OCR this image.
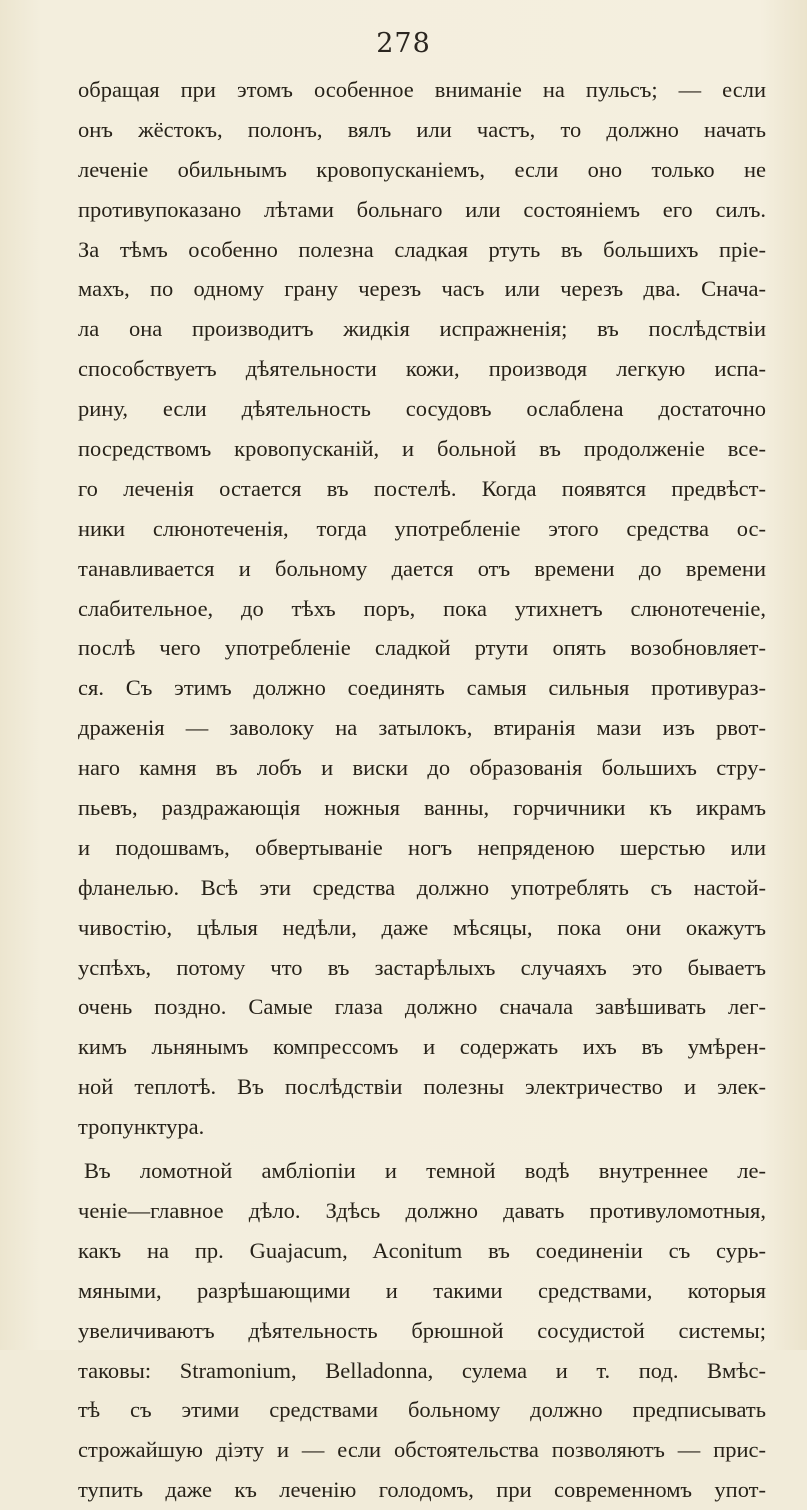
278
обращая при этомъ особенное вниманіе на пульсъ; — если
онъ жёстокъ, полонъ, вялъ или частъ, то должно начать
леченіе обильнымъ кровопусканіемъ, если оно только не
противупоказано лѣтами больнаго или состояніемъ его силъ.
За тѣмъ особенно полезна сладкая ртуть въ большихъ пріе-
махъ, по одному грану черезъ часъ или черезъ два. Снача-
ла она производитъ жидкія испражненія; въ послѣдствіи
способствуетъ дѣятельности кожи, производя легкую испа-
рину, если дѣятельность сосудовъ ослаблена достаточно
посредствомъ кровопусканій, и больной въ продолженіе все-
го леченія остается въ постелѣ. Когда появятся предвѣст-
ники слюнотеченія, тогда употребленіе этого средства ос-
танавливается и больному дается отъ времени до времени
слабительное, до тѣхъ поръ, пока утихнетъ слюнотеченіе,
послѣ чего употребленіе сладкой ртути опять возобновляет-
ся. Съ этимъ должно соединять самыя сильныя противураз-
драженія — заволоку на затылокъ, втиранія мази изъ рвот-
наго камня въ лобъ и виски до образованія большихъ стру-
пьевъ, раздражающія ножныя ванны, горчичники къ икрамъ
и подошвамъ, обвертываніе ногъ непряденою шерстью или
фланелью. Всѣ эти средства должно употреблять съ настой-
чивостію, цѣлыя недѣли, даже мѣсяцы, пока они окажутъ
успѣхъ, потому что въ застарѣлыхъ случаяхъ это бываетъ
очень поздно. Самые глаза должно сначала завѣшивать лег-
кимъ льнянымъ компрессомъ и содержать ихъ въ умѣрен-
ной теплотѣ. Въ послѣдствіи полезны электричество и элек-
тропунктура.
Въ ломотной амбліопіи и темной водѣ внутреннее ле-
ченіе—главное дѣло. Здѣсь должно давать противуломотныя,
какъ на пр. Guajacum, Aconitum въ соединеніи съ сурь-
мяными, разрѣшающими и такими средствами, которыя
увеличиваютъ дѣятельность брюшной сосудистой системы;
таковы: Stramonium, Belladonna, сулема и т. под. Вмѣс-
тѣ съ этими средствами больному должно предписывать
строжайшую діэту и — если обстоятельства позволяютъ — прис-
тупить даже къ леченію голодомъ, при современномъ упот-
